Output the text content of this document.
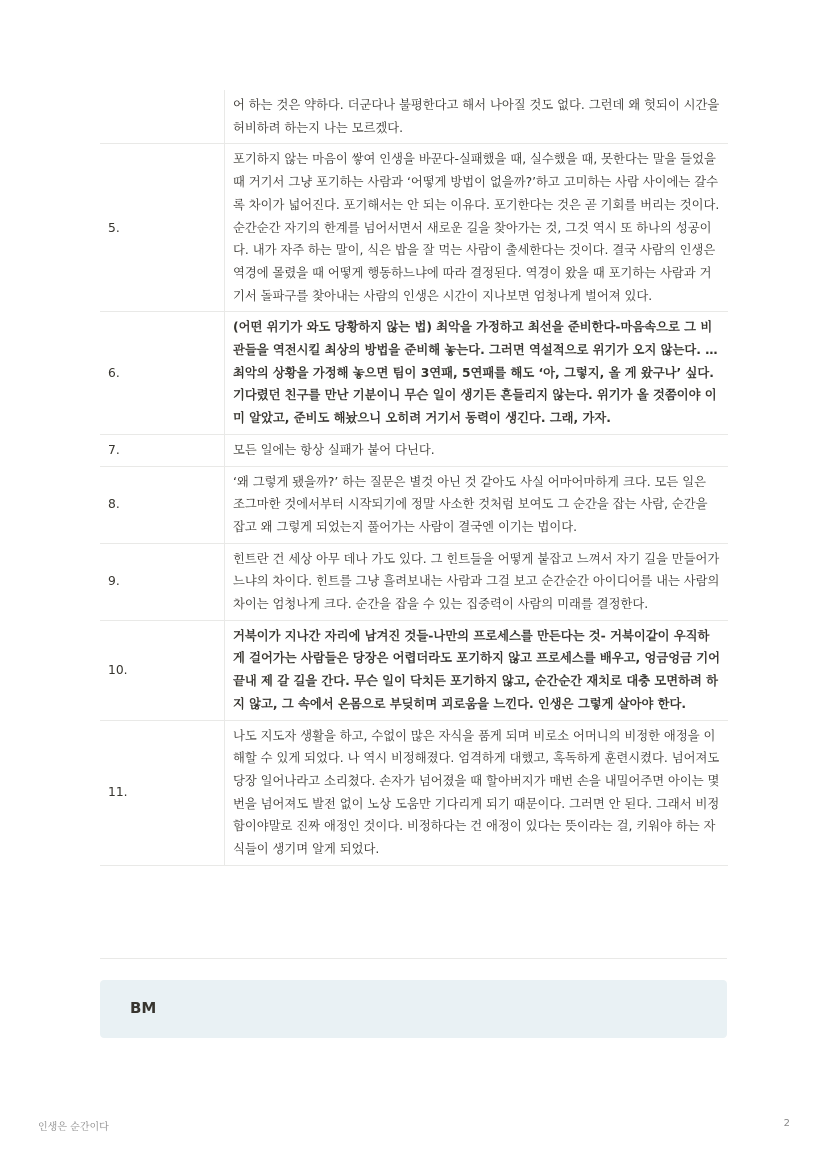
	어 하는 것은 약하다. 더군다나 불평한다고 해서 나아질 것도 없다. 그런데 왜 헛되이 시간을 허비하려 하는지 나는 모르겠다.
5.	포기하지 않는 마음이 쌓여 인생을 바꾼다-실패했을 때, 실수했을 때, 못한다는 말을 들었을 때 거기서 그냥 포기하는 사람과 ‘어떻게 방법이 없을까?’하고 고미하는 사람 사이에는 갈수록 차이가 넓어진다. 포기해서는 안 되는 이유다. 포기한다는 것은 곧 기회를 버리는 것이다. 순간순간 자기의 한계를 넘어서면서 새로운 길을 찾아가는 것, 그것 역시 또 하나의 성공이다. 내가 자주 하는 말이, 식은 밥을 잘 먹는 사람이 출세한다는 것이다. 결국 사람의 인생은 역경에 몰렸을 때 어떻게 행동하느냐에 따라 결정된다. 역경이 왔을 때 포기하는 사람과 거기서 돌파구를 찾아내는 사람의 인생은 시간이 지나보면 엄청나게 벌어져 있다.
6.	(어떤 위기가 와도 당황하지 않는 법) 최악을 가정하고 최선을 준비한다-마음속으로 그 비관들을 역전시킬 최상의 방법을 준비해 놓는다. 그러면 역설적으로 위기가 오지 않는다. … 최악의 상황을 가정해 놓으면 팀이 3연패, 5연패를 해도 ‘아, 그렇지, 올 게 왔구나’ 싶다. 기다렸던 친구를 만난 기분이니 무슨 일이 생기든 흔들리지 않는다. 위기가 올 것쯤이야 이미 알았고, 준비도 해놨으니 오히려 거기서 동력이 생긴다. 그래, 가자.
7.	모든 일에는 항상 실패가 붙어 다닌다.
8.	‘왜 그렇게 됐을까?’ 하는 질문은 별것 아닌 것 같아도 사실 어마어마하게 크다. 모든 일은 조그마한 것에서부터 시작되기에 정말 사소한 것처럼 보여도 그 순간을 잡는 사람, 순간을 잡고 왜 그렇게 되었는지 풀어가는 사람이 결국엔 이기는 법이다.
9.	힌트란 건 세상 아무 데나 가도 있다. 그 힌트들을 어떻게 붙잡고 느껴서 자기 길을 만들어가느냐의 차이다. 힌트를 그냥 흘려보내는 사람과 그걸 보고 순간순간 아이디어를 내는 사람의 차이는 엄청나게 크다. 순간을 잡을 수 있는 집중력이 사람의 미래를 결정한다.
10.	거북이가 지나간 자리에 남겨진 것들-나만의 프로세스를 만든다는 것- 거북이같이 우직하게 걸어가는 사람들은 당장은 어렵더라도 포기하지 않고 프로세스를 배우고, 엉금엉금 기어 끝내 제 갈 길을 간다. 무슨 일이 닥치든 포기하지 않고, 순간순간 재치로 대충 모면하려 하지 않고, 그 속에서 온몸으로 부딪히며 괴로움을 느낀다. 인생은 그렇게 살아야 한다.
11.	나도 지도자 생활을 하고, 수없이 많은 자식을 품게 되며 비로소 어머니의 비정한 애정을 이해할 수 있게 되었다. 나 역시 비정해졌다. 엄격하게 대했고, 혹독하게 훈련시켰다. 넘어져도 당장 일어나라고 소리쳤다. 손자가 넘어졌을 때 할아버지가 매번 손을 내밀어주면 아이는 몇 번을 넘어져도 발전 없이 노상 도움만 기다리게 되기 때문이다. 그러면 안 된다. 그래서 비정함이야말로 진짜 애정인 것이다. 비정하다는 건 애정이 있다는 뜻이라는 걸, 키워야 하는 자식들이 생기며 알게 되었다.
BM
인생은 순간이다	2
